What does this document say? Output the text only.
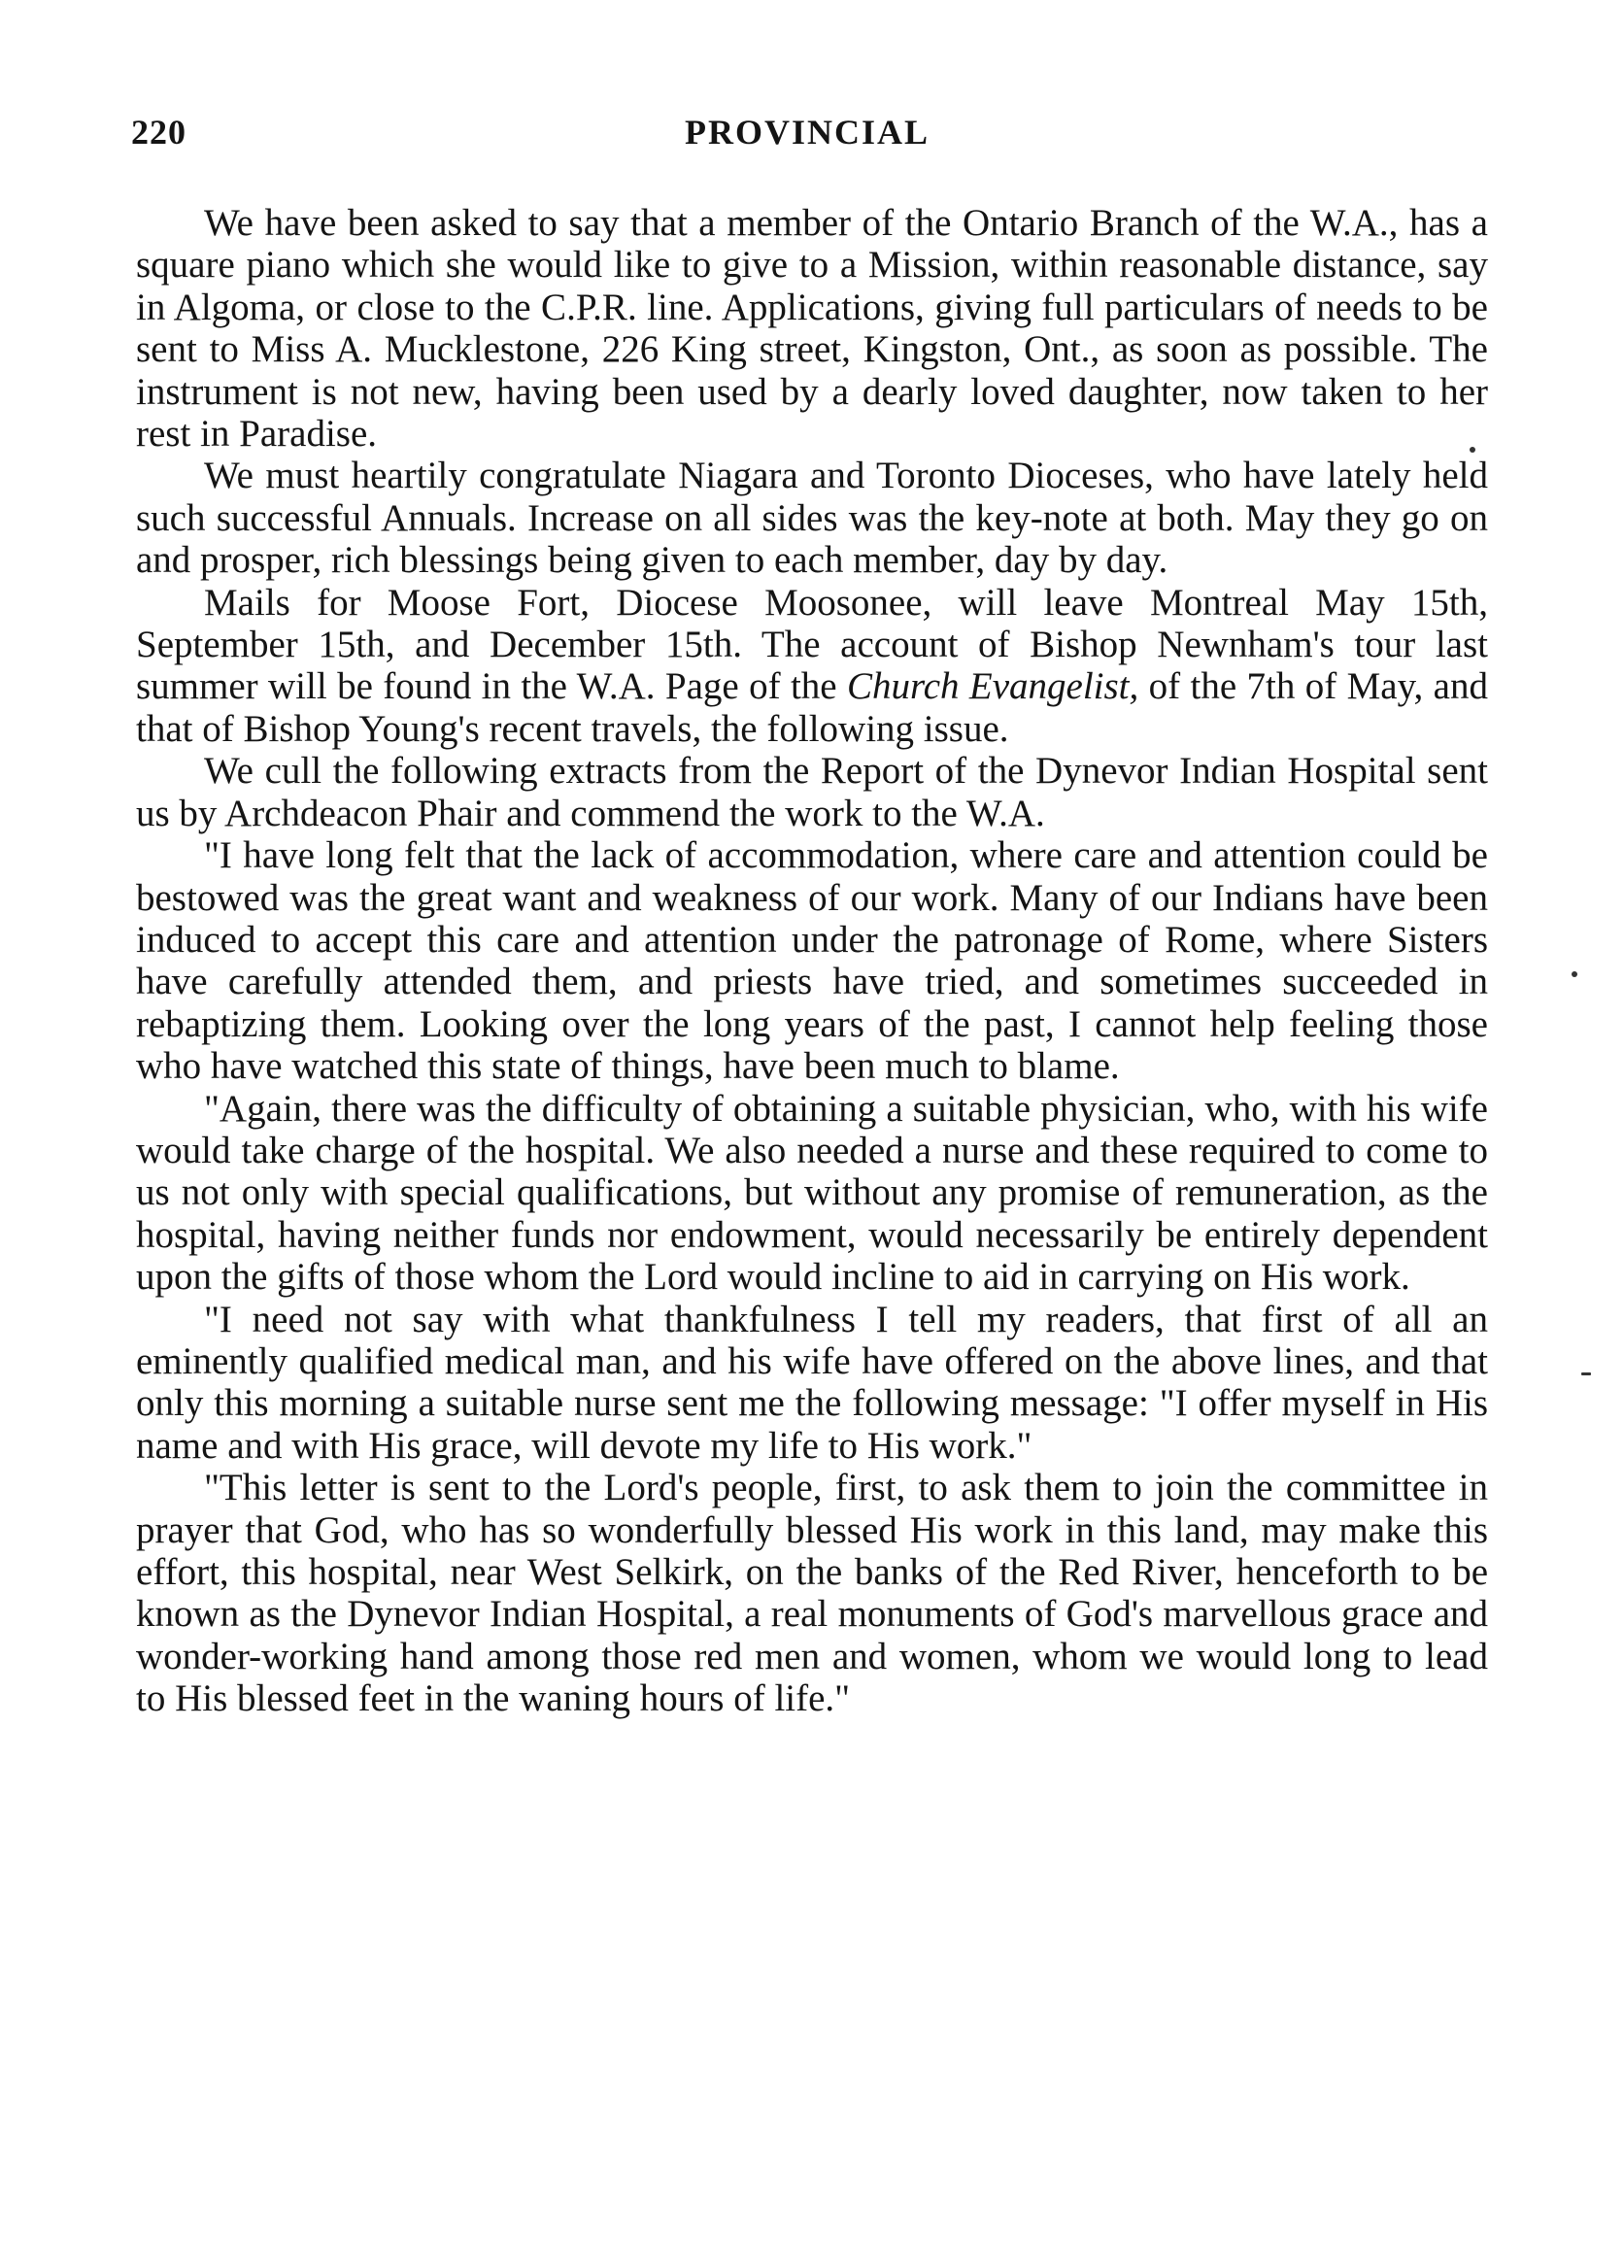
220	PROVINCIAL

We have been asked to say that a member of the Ontario Branch of the W.A., has a square piano which she would like to give to a Mission, within reasonable distance, say in Algoma, or close to the C.P.R. line. Applications, giving full particulars of needs to be sent to Miss A. Mucklestone, 226 King street, Kingston, Ont., as soon as possible. The instrument is not new, having been used by a dearly loved daughter, now taken to her rest in Paradise.

We must heartily congratulate Niagara and Toronto Dioceses, who have lately held such successful Annuals. Increase on all sides was the key-note at both. May they go on and prosper, rich blessings being given to each member, day by day.

Mails for Moose Fort, Diocese Moosonee, will leave Montreal May 15th, September 15th, and December 15th. The account of Bishop Newnham's tour last summer will be found in the W.A. Page of the Church Evangelist, of the 7th of May, and that of Bishop Young's recent travels, the following issue.

We cull the following extracts from the Report of the Dynevor Indian Hospital sent us by Archdeacon Phair and commend the work to the W.A.

"I have long felt that the lack of accommodation, where care and attention could be bestowed was the great want and weakness of our work. Many of our Indians have been induced to accept this care and attention under the patronage of Rome, where Sisters have carefully attended them, and priests have tried, and sometimes succeeded in rebaptizing them. Looking over the long years of the past, I cannot help feeling those who have watched this state of things, have been much to blame.

"Again, there was the difficulty of obtaining a suitable physician, who, with his wife would take charge of the hospital. We also needed a nurse and these required to come to us not only with special qualifications, but without any promise of remuneration, as the hospital, having neither funds nor endowment, would necessarily be entirely dependent upon the gifts of those whom the Lord would incline to aid in carrying on His work.

"I need not say with what thankfulness I tell my readers, that first of all an eminently qualified medical man, and his wife have offered on the above lines, and that only this morning a suitable nurse sent me the following message: "I offer myself in His name and with His grace, will devote my life to His work."

"This letter is sent to the Lord's people, first, to ask them to join the committee in prayer that God, who has so wonderfully blessed His work in this land, may make this effort, this hospital, near West Selkirk, on the banks of the Red River, henceforth to be known as the Dynevor Indian Hospital, a real monuments of God's marvellous grace and wonder-working hand among those red men and women, whom we would long to lead to His blessed feet in the waning hours of life."
